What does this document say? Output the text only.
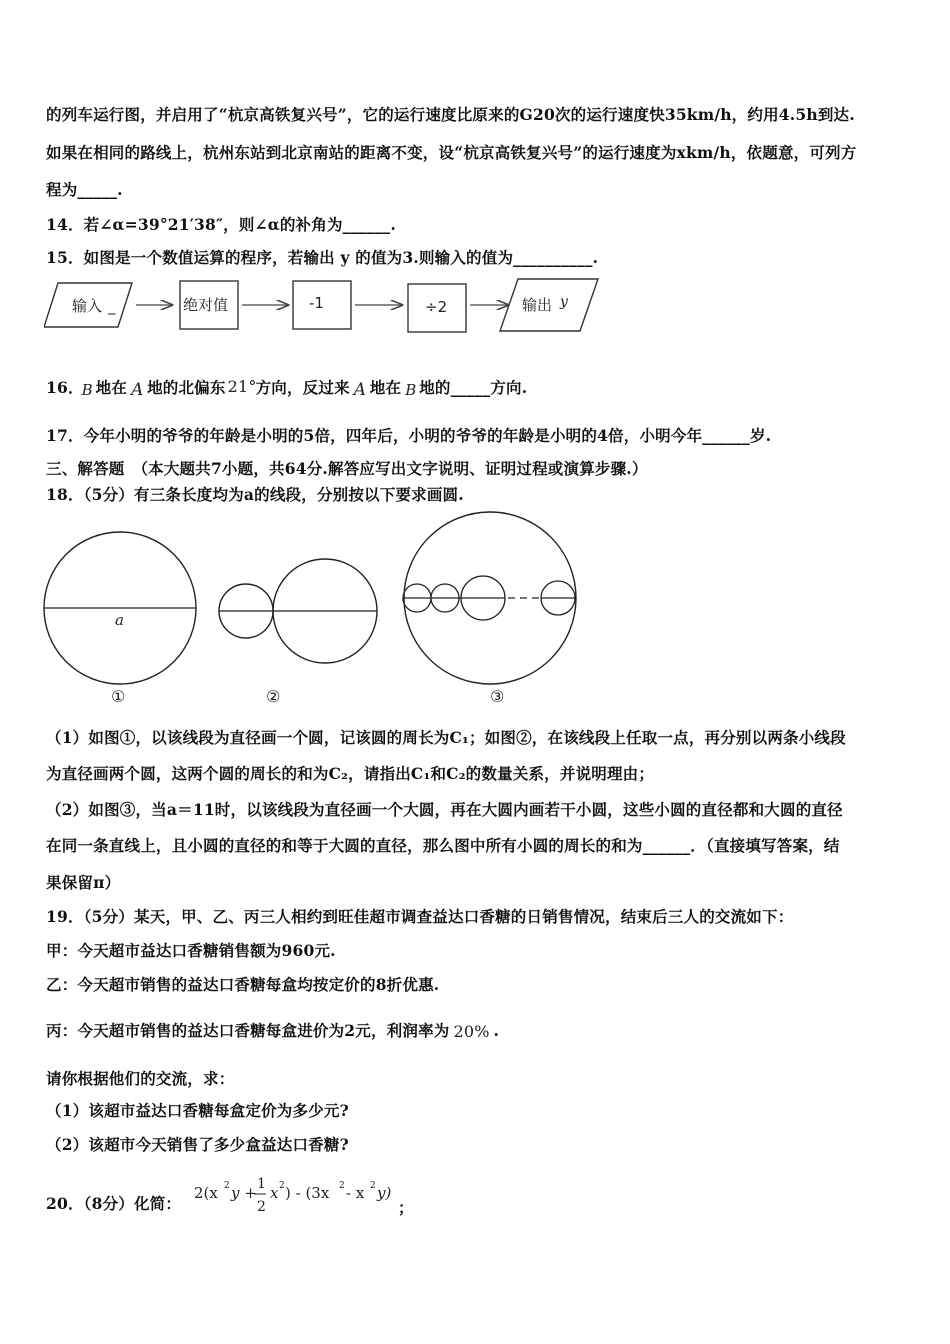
的列车运行图，并启用了“杭京高铁复兴号”，它的运行速度比原来的G20次的运行速度快35km/h，约用4.5h到达.
如果在相同的路线上，杭州东站到北京南站的距离不变，设“杭京高铁复兴号”的运行速度为xkm/h，依题意，可列方
程为_____.
14．若∠α=39°21′38″，则∠α的补角为______.
15．如图是一个数值运算的程序，若输出 y 的值为3.则输入的值为__________.
输入 _	绝对值	-1	÷2	输出 y
16．
B 地在 A 地的北偏东 21° 方向，反过来 A 地在 B 地的_____方向.
17．今年小明的爷爷的年龄是小明的5倍，四年后，小明的爷爷的年龄是小明的4倍，小明今年______岁.
三、解答题　（本大题共7小题，共64分.解答应写出文字说明、证明过程或演算步骤.）
18．（5分）有三条长度均为a的线段，分别按以下要求画圆.
a
①	②	③
（1）如图①，以该线段为直径画一个圆，记该圆的周长为C₁；如图②，在该线段上任取一点，再分别以两条小线段
为直径画两个圆，这两个圆的周长的和为C₂，请指出C₁和C₂的数量关系，并说明理由；
（2）如图③，当a＝11时，以该线段为直径画一个大圆，再在大圆内画若干小圆，这些小圆的直径都和大圆的直径
在同一条直线上，且小圆的直径的和等于大圆的直径，那么图中所有小圆的周长的和为______．（直接填写答案，结
果保留π）
19．（5分）某天，甲、乙、丙三人相约到旺佳超市调查益达口香糖的日销售情况，结束后三人的交流如下：
甲：今天超市益达口香糖销售额为960元.
乙：今天超市销售的益达口香糖每盒均按定价的8折优惠.
丙：今天超市销售的益达口香糖每盒进价为2元，利润率为 20% .
请你根据他们的交流，求：
（1）该超市益达口香糖每盒定价为多少元?
（2）该超市今天销售了多少盒益达口香糖?
20．（8分）化简：
2(x 2 y + 1
2
x 2 ) - (3x 2 - x 2 y)
；
